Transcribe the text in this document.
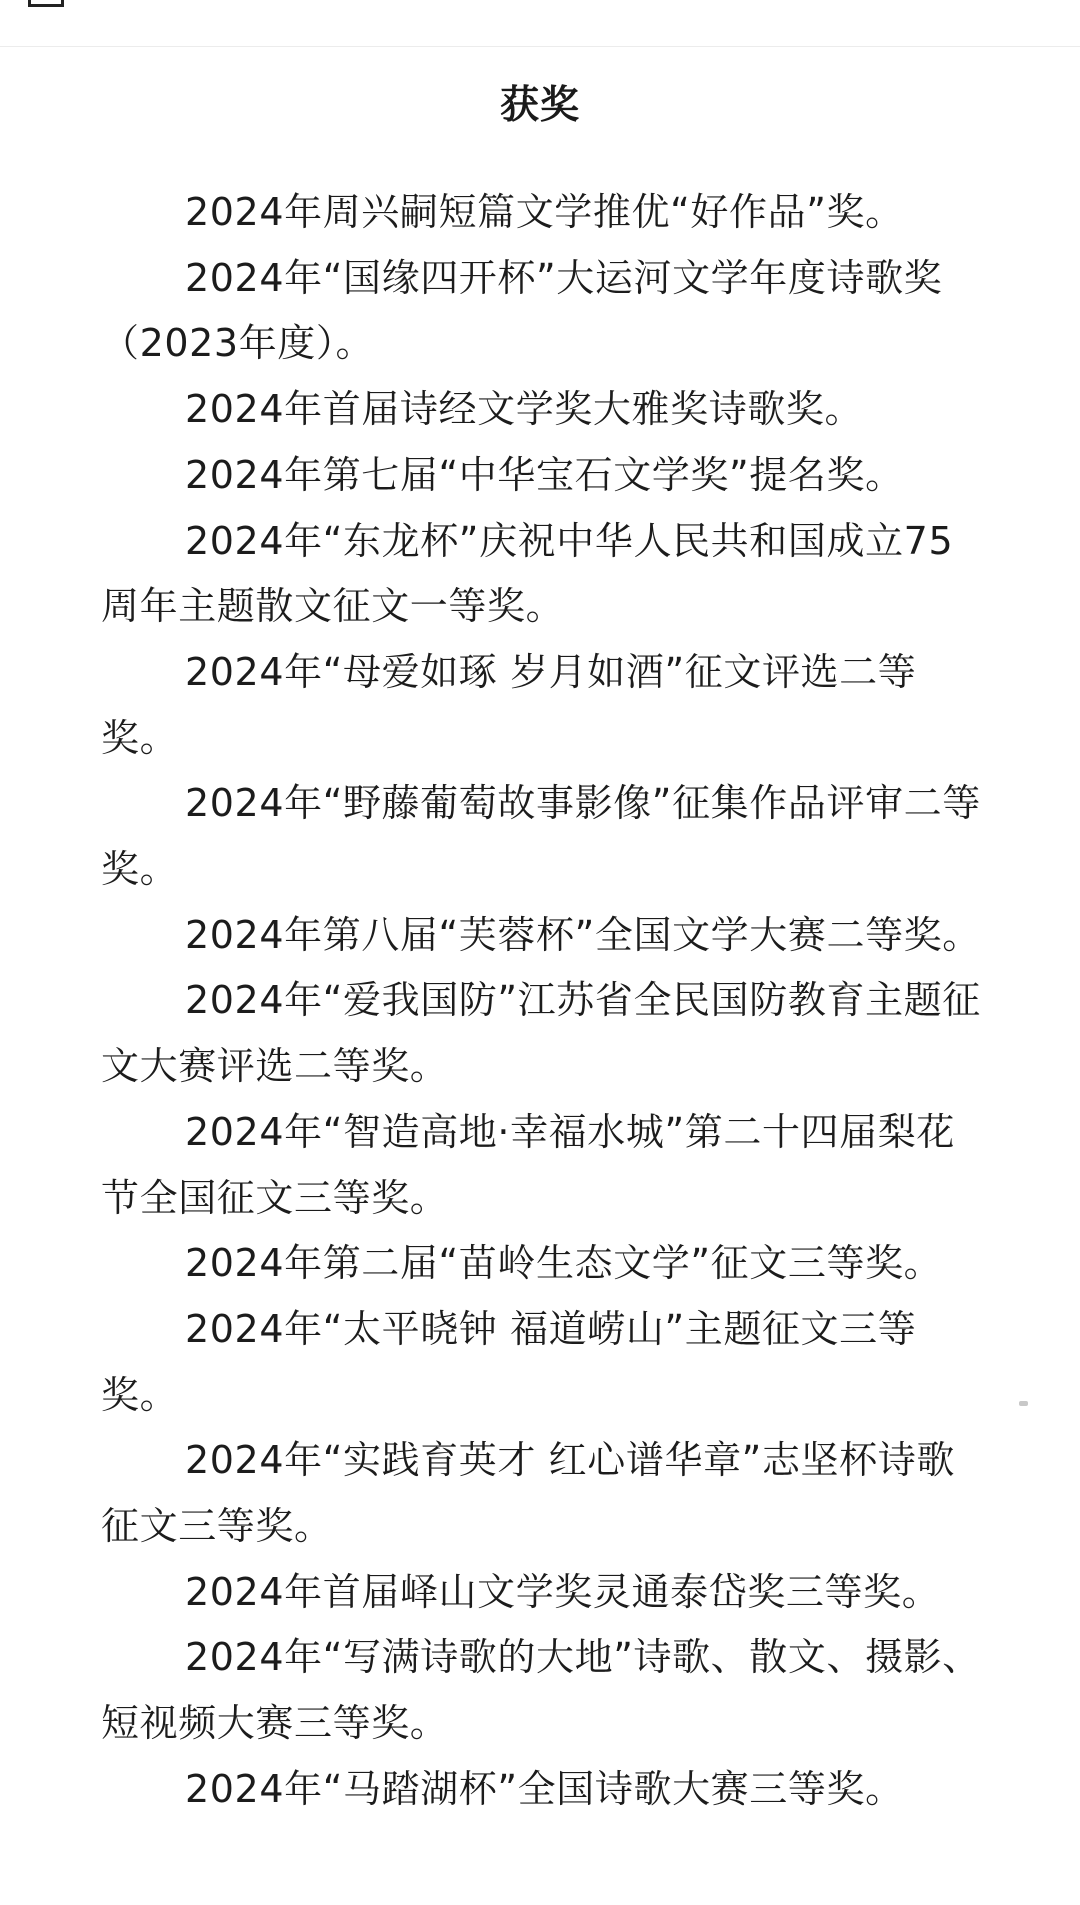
获奖
2024年周兴嗣短篇文学推优“好作品”奖。
2024年“国缘四开杯”大运河文学年度诗歌奖
（2023年度）。
2024年首届诗经文学奖大雅奖诗歌奖。
2024年第七届“中华宝石文学奖”提名奖。
2024年“东龙杯”庆祝中华人民共和国成立75周年主题散文征文一等奖。
2024年“母爱如琢 岁月如酒”征文评选二等奖。
2024年“野藤葡萄故事影像”征集作品评审二等奖。
2024年第八届“芙蓉杯”全国文学大赛二等奖。
2024年“爱我国防”江苏省全民国防教育主题征文大赛评选二等奖。
2024年“智造高地·幸福水城”第二十四届梨花节全国征文三等奖。
2024年第二届“苗岭生态文学”征文三等奖。
2024年“太平晓钟 福道崂山”主题征文三等奖。
2024年“实践育英才 红心谱华章”志坚杯诗歌征文三等奖。
2024年首届峄山文学奖灵通泰岱奖三等奖。
2024年“写满诗歌的大地”诗歌、散文、摄影、短视频大赛三等奖。
2024年“马踏湖杯”全国诗歌大赛三等奖。
